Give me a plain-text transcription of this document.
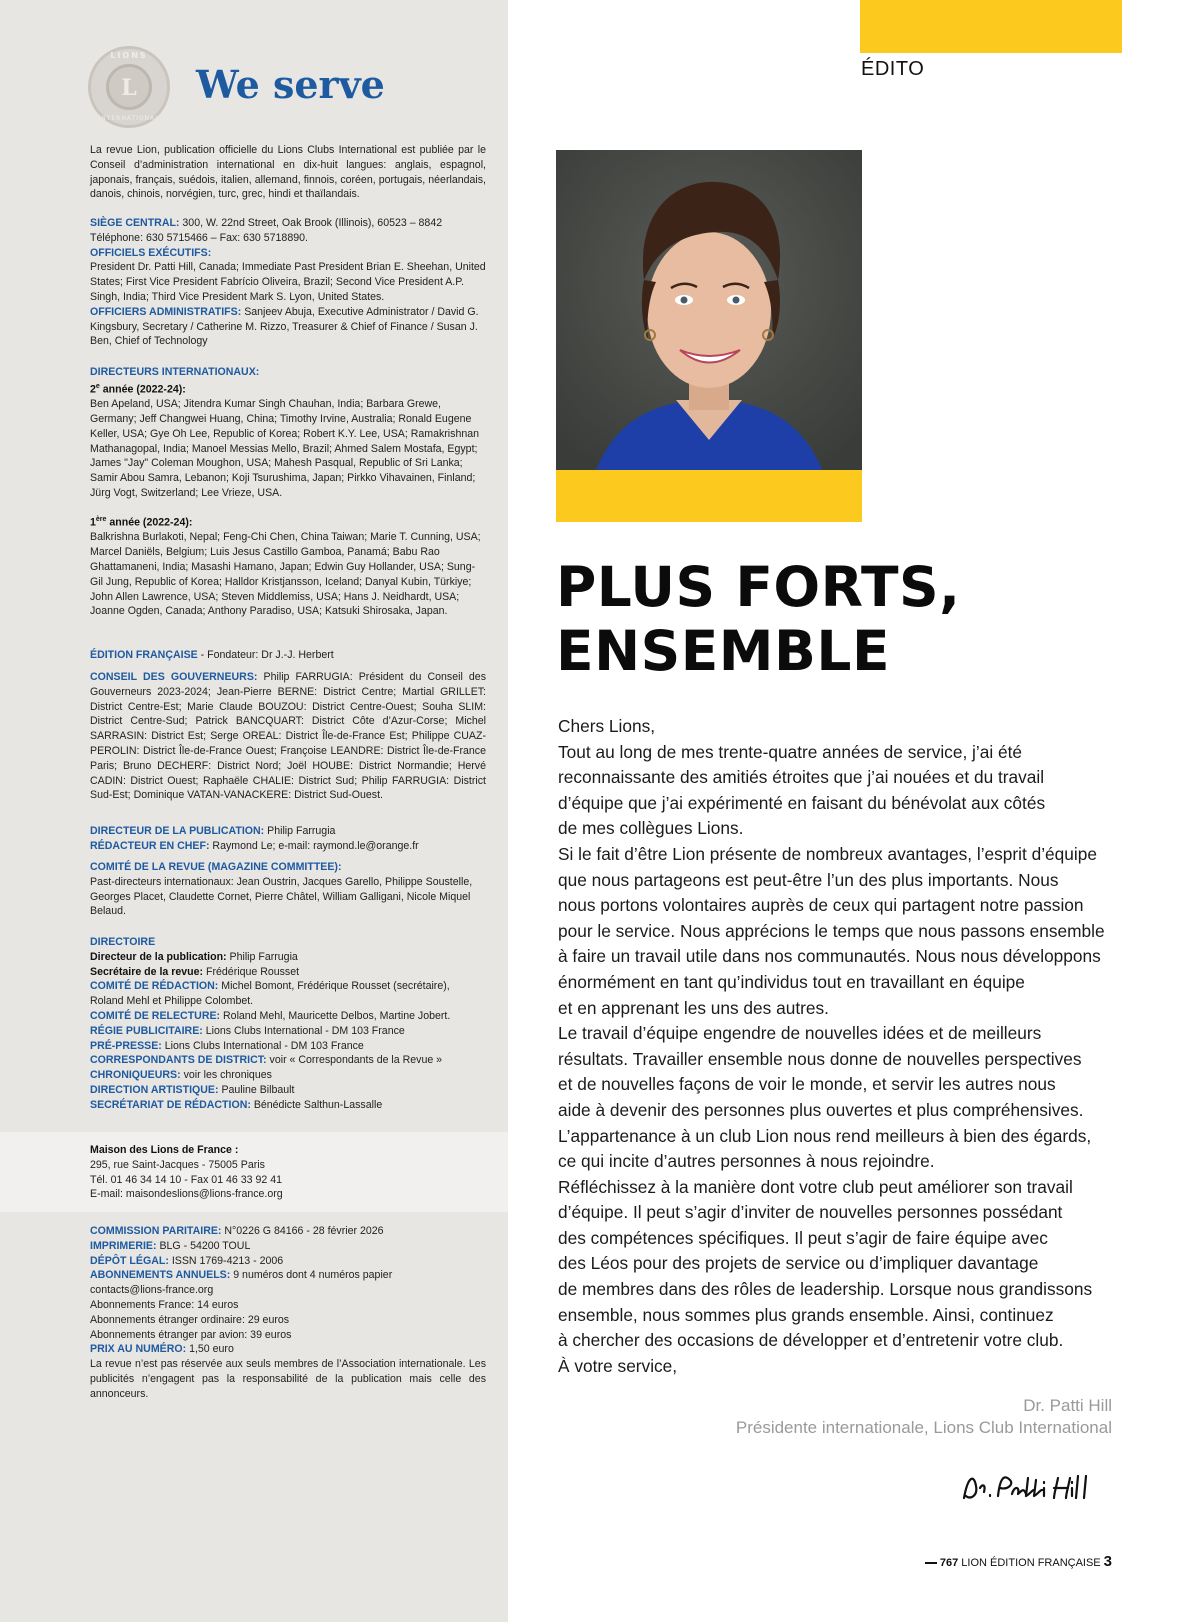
LIONS
L
INTERNATIONAL
We serve

La revue Lion, publication officielle du Lions Clubs International est publiée par le Conseil d’administration international en dix-huit langues: anglais, espagnol, japonais, français, suédois, italien, allemand, finnois, coréen, portugais, néerlandais, danois, chinois, norvégien, turc, grec, hindi et thaïlandais.

SIÈGE CENTRAL: 300, W. 22nd Street, Oak Brook (Illinois), 60523 – 8842

Téléphone: 630 5715466 – Fax: 630 5718890.

OFFICIELS EXÉCUTIFS:

President Dr. Patti Hill, Canada; Immediate Past President Brian E. Sheehan, United States; First Vice President Fabrício Oliveira, Brazil; Second Vice President A.P. Singh, India; Third Vice President Mark S. Lyon, United States.

OFFICIERS ADMINISTRATIFS: Sanjeev Abuja, Executive Administrator / David G. Kingsbury, Secretary / Catherine M. Rizzo, Treasurer & Chief of Finance / Susan J. Ben, Chief of Technology

DIRECTEURS INTERNATIONAUX:

2e année (2022-24):

Ben Apeland, USA; Jitendra Kumar Singh Chauhan, India; Barbara Grewe, Germany; Jeff Changwei Huang, China; Timothy Irvine, Australia; Ronald Eugene Keller, USA; Gye Oh Lee, Republic of Korea; Robert K.Y. Lee, USA; Ramakrishnan Mathanagopal, India; Manoel Messias Mello, Brazil; Ahmed Salem Mostafa, Egypt; James "Jay" Coleman Moughon, USA; Mahesh Pasqual, Republic of Sri Lanka; Samir Abou Samra, Lebanon; Koji Tsurushima, Japan; Pirkko Vihavainen, Finland; Jürg Vogt, Switzerland; Lee Vrieze, USA.

1ère année (2022-24):

Balkrishna Burlakoti, Nepal; Feng-Chi Chen, China Taiwan; Marie T. Cunning, USA; Marcel Daniëls, Belgium; Luis Jesus Castillo Gamboa, Panamá; Babu Rao Ghattamaneni, India; Masashi Hamano, Japan; Edwin Guy Hollander, USA; Sung-Gil Jung, Republic of Korea; Halldor Kristjansson, Iceland; Danyal Kubin, Türkiye; John Allen Lawrence, USA; Steven Middlemiss, USA; Hans J. Neidhardt, USA; Joanne Ogden, Canada; Anthony Paradiso, USA; Katsuki Shirosaka, Japan.

ÉDITION FRANÇAISE - Fondateur: Dr J.-J. Herbert

CONSEIL DES GOUVERNEURS: Philip FARRUGIA: Président du Conseil des Gouverneurs 2023-2024; Jean-Pierre BERNE: District Centre; Martial GRILLET: District Centre-Est; Marie Claude BOUZOU: District Centre-Ouest; Souha SLIM: District Centre-Sud; Patrick BANCQUART: District Côte d’Azur-Corse; Michel SARRASIN: District Est; Serge OREAL: District Île-de-France Est; Philippe CUAZ-PEROLIN: District Île-de-France Ouest; Françoise LEANDRE: District Île-de-France Paris; Bruno DECHERF: District Nord; Joël HOUBE: District Normandie; Hervé CADIN: District Ouest; Raphaële CHALIE: District Sud; Philip FARRUGIA: District Sud-Est; Dominique VATAN-VANACKERE: District Sud-Ouest.

DIRECTEUR DE LA PUBLICATION: Philip Farrugia

RÉDACTEUR EN CHEF: Raymond Le; e-mail: raymond.le@orange.fr

COMITÉ DE LA REVUE (MAGAZINE COMMITTEE):

Past-directeurs internationaux: Jean Oustrin, Jacques Garello, Philippe Soustelle, Georges Placet, Claudette Cornet, Pierre Châtel, William Galligani, Nicole Miquel Belaud.

DIRECTOIRE

Directeur de la publication: Philip Farrugia

Secrétaire de la revue: Frédérique Rousset

COMITÉ DE RÉDACTION: Michel Bomont, Frédérique Rousset (secrétaire), Roland Mehl et Philippe Colombet.

COMITÉ DE RELECTURE: Roland Mehl, Mauricette Delbos, Martine Jobert.

RÉGIE PUBLICITAIRE: Lions Clubs International - DM 103 France

PRÉ-PRESSE: Lions Clubs International - DM 103 France

CORRESPONDANTS DE DISTRICT: voir « Correspondants de la Revue »

CHRONIQUEURS: voir les chroniques

DIRECTION ARTISTIQUE: Pauline Bilbault

SECRÉTARIAT DE RÉDACTION: Bénédicte Salthun-Lassalle

Maison des Lions de France :

295, rue Saint-Jacques - 75005 Paris

Tél. 01 46 34 14 10 - Fax 01 46 33 92 41

E-mail: maisondeslions@lions-france.org

COMMISSION PARITAIRE: N°0226 G 84166 - 28 février 2026

IMPRIMERIE: BLG - 54200 TOUL

DÉPÔT LÉGAL: ISSN 1769-4213 - 2006

ABONNEMENTS ANNUELS: 9 numéros dont 4 numéros papier

contacts@lions-france.org

Abonnements France: 14 euros

Abonnements étranger ordinaire: 29 euros

Abonnements étranger par avion: 39 euros

PRIX AU NUMÉRO: 1,50 euro

La revue n’est pas réservée aux seuls membres de l’Association internationale. Les publicités n’engagent pas la responsabilité de la publication mais celle des annonceurs.

ÉDITO
PLUS FORTS,
ENSEMBLE

Chers Lions,

Tout au long de mes trente-quatre années de service, j’ai été

reconnaissante des amitiés étroites que j’ai nouées et du travail

d’équipe que j’ai expérimenté en faisant du bénévolat aux côtés

de mes collègues Lions.

Si le fait d’être Lion présente de nombreux avantages, l’esprit d’équipe

que nous partageons est peut-être l’un des plus importants. Nous

nous portons volontaires auprès de ceux qui partagent notre passion

pour le service. Nous apprécions le temps que nous passons ensemble

à faire un travail utile dans nos communautés. Nous nous développons

énormément en tant qu’individus tout en travaillant en équipe

et en apprenant les uns des autres.

Le travail d’équipe engendre de nouvelles idées et de meilleurs

résultats. Travailler ensemble nous donne de nouvelles perspectives

et de nouvelles façons de voir le monde, et servir les autres nous

aide à devenir des personnes plus ouvertes et plus compréhensives.

L’appartenance à un club Lion nous rend meilleurs à bien des égards,

ce qui incite d’autres personnes à nous rejoindre.

Réfléchissez à la manière dont votre club peut améliorer son travail

d’équipe. Il peut s’agir d’inviter de nouvelles personnes possédant

des compétences spécifiques. Il peut s’agir de faire équipe avec

des Léos pour des projets de service ou d’impliquer davantage

de membres dans des rôles de leadership. Lorsque nous grandissons

ensemble, nous sommes plus grands ensemble. Ainsi, continuez

à chercher des occasions de développer et d’entretenir votre club.

À votre service,

Dr. Patti Hill
Présidente internationale, Lions Club International
767 LION ÉDITION FRANÇAISE 3
